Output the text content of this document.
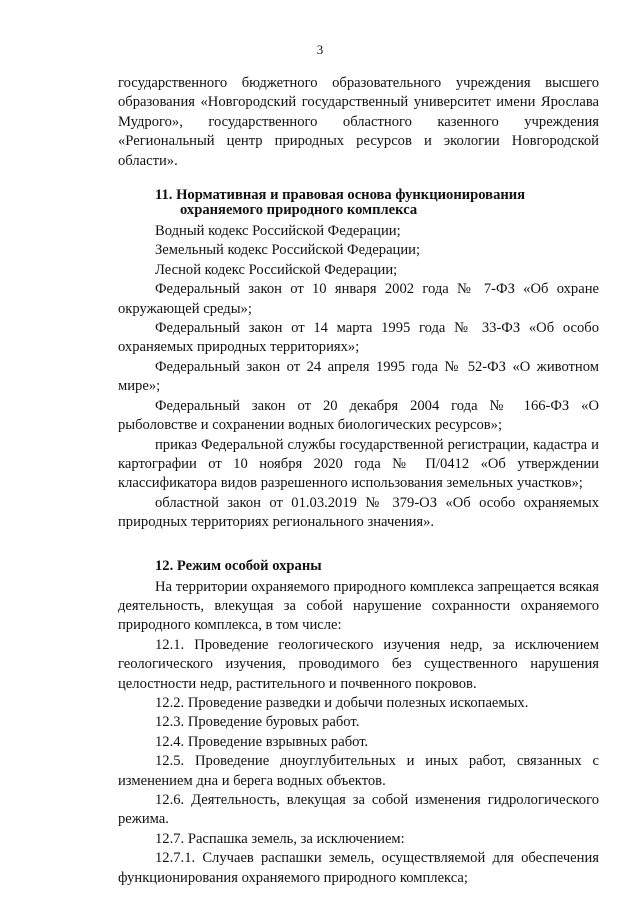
3

государственного бюджетного образовательного учреждения высшего образования «Новгородский государственный университет имени Ярослава Мудрого», государственного областного казенного учреждения «Региональный центр природных ресурсов и экологии Новгородской области».

11. Нормативная и правовая основа функционирования
охраняемого природного комплекса

Водный кодекс Российской Федерации;

Земельный кодекс Российской Федерации;

Лесной кодекс Российской Федерации;

Федеральный закон от 10 января 2002 года № 7-ФЗ «Об охране окружающей среды»;

Федеральный закон от 14 марта 1995 года № 33-ФЗ «Об особо охраняемых природных территориях»;

Федеральный закон от 24 апреля 1995 года № 52-ФЗ «О животном мире»;

Федеральный закон от 20 декабря 2004 года № 166-ФЗ «О рыболовстве и сохранении водных биологических ресурсов»;

приказ Федеральной службы государственной регистрации, кадастра и картографии от 10 ноября 2020 года № П/0412 «Об утверждении классификатора видов разрешенного использования земельных участков»;

областной закон от 01.03.2019 № 379-ОЗ «Об особо охраняемых природных территориях регионального значения».

12. Режим особой охраны

На территории охраняемого природного комплекса запрещается всякая деятельность, влекущая за собой нарушение сохранности охраняемого природного комплекса, в том числе:

12.1. Проведение геологического изучения недр, за исключением геологического изучения, проводимого без существенного нарушения целостности недр, растительного и почвенного покровов.

12.2. Проведение разведки и добычи полезных ископаемых.

12.3. Проведение буровых работ.

12.4. Проведение взрывных работ.

12.5. Проведение дноуглубительных и иных работ, связанных с изменением дна и берега водных объектов.

12.6. Деятельность, влекущая за собой изменения гидрологического режима.

12.7. Распашка земель, за исключением:

12.7.1. Случаев распашки земель, осуществляемой для обеспечения функционирования охраняемого природного комплекса;
